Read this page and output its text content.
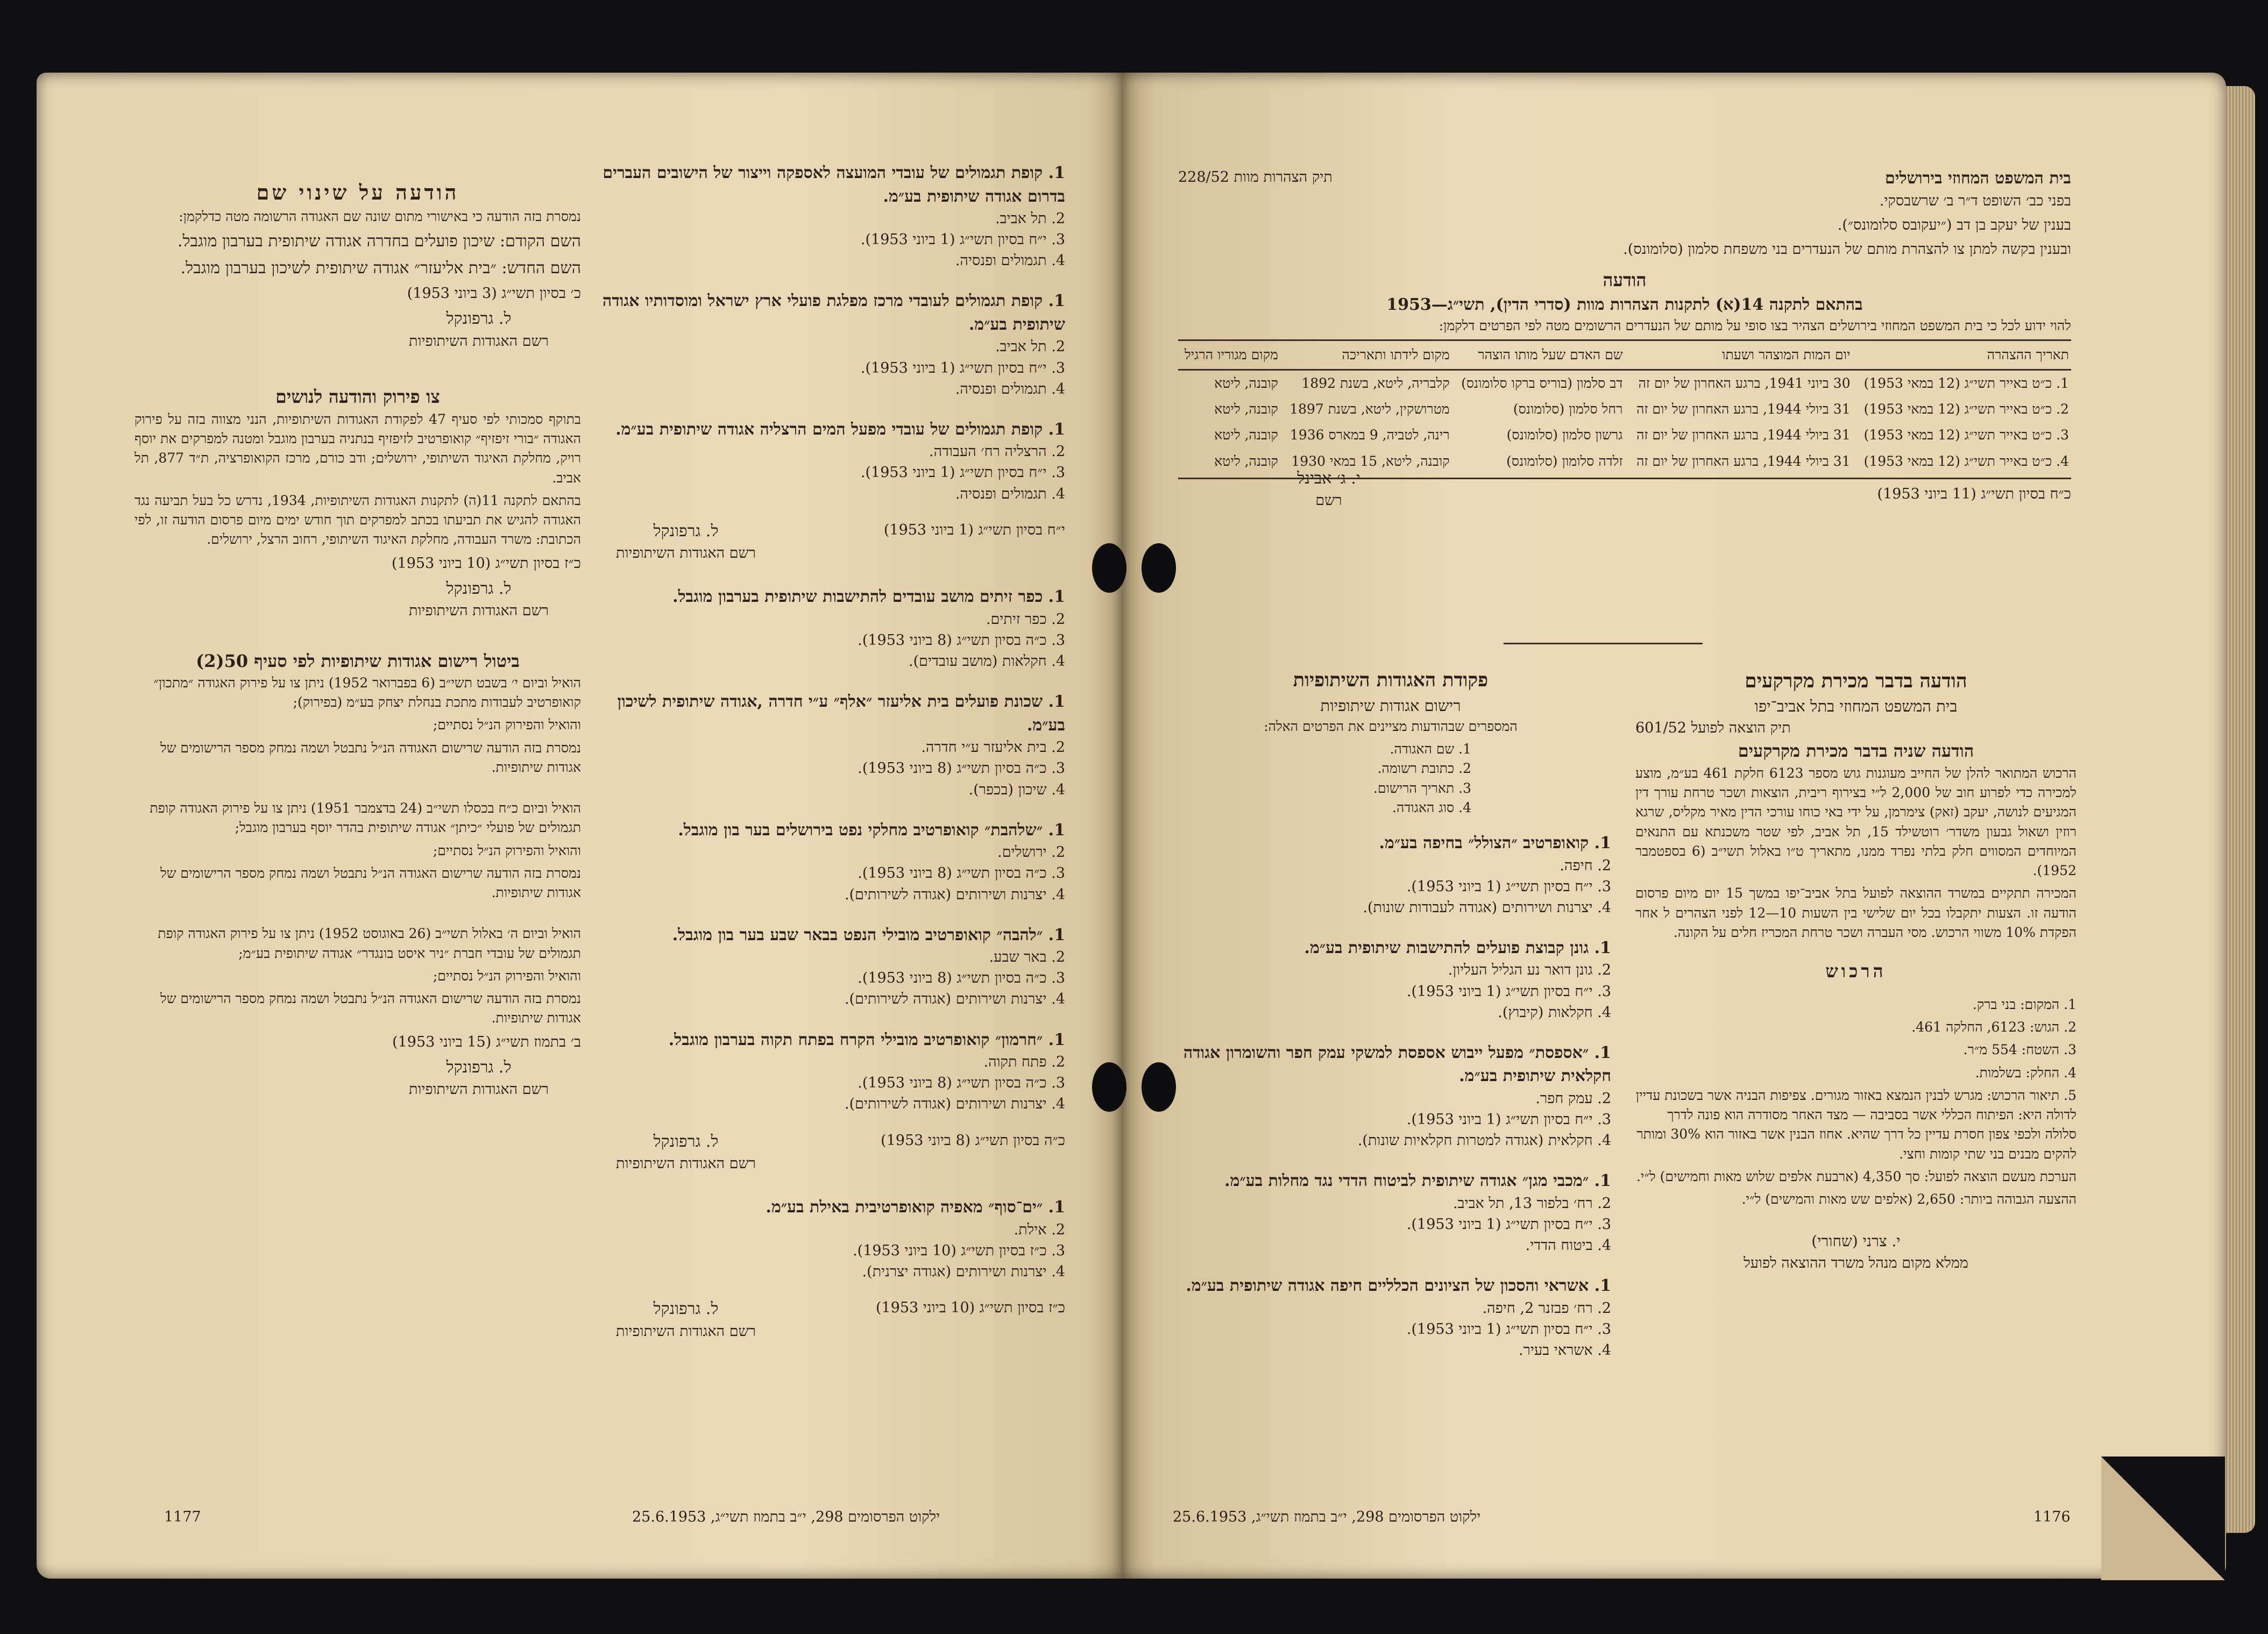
בית המשפט המחוזי בירושלים
תיק הצהרות מוות 228/52

בפני כב׳ השופט ד״ר ב׳ שרשבסקי.

בענין של יעקב בן דב (״יעקובס סלומונס״).

ובענין בקשה למתן צו להצהרת מותם של הנעדרים בני משפחת סלמון (סלומונס).

הודעה
בהתאם לתקנה 14(א) לתקנות הצהרות מוות (סדרי הדין), תשי״ג—1953

להוי ידוע לכל כי בית המשפט המחוזי בירושלים הצהיר בצו סופי על מותם של הנעדרים הרשומים מטה לפי הפרטים דלקמן:

תאריך ההצהרה	יום המות המוצהר ושעתו	שם האדם שעל מותו הוצהר	מקום לידתו ותאריכה	מקום מגוריו הרגיל
1. כ״ט באייר תשי״ג (12 במאי 1953)	30 ביוני 1941, ברגע האחרון של יום זה	דב סלמון (בוריס ברקו סלומונס)	קלבריה, ליטא, בשנת 1892	קובנה, ליטא
2. כ״ט באייר תשי״ג (12 במאי 1953)	31 ביולי 1944, ברגע האחרון של יום זה	רחל סלמון (סלומונס)	מטרושקין, ליטא, בשנת 1897	קובנה, ליטא
3. כ״ט באייר תשי״ג (12 במאי 1953)	31 ביולי 1944, ברגע האחרון של יום זה	גרשון סלמון (סלומונס)	רינה, לטביה, 9 במארס 1936	קובנה, ליטא
4. כ״ט באייר תשי״ג (12 במאי 1953)	31 ביולי 1944, ברגע האחרון של יום זה	זלדה סלומון (סלומונס)	קובנה, ליטא, 15 במאי 1930	קובנה, ליטא
כ״ח בסיון תשי״ג (11 ביוני 1953)
י. ג׳ אבינל
רשם
הודעה בדבר מכירת מקרקעים
בית המשפט המחוזי בתל אביב־יפו
תיק הוצאה לפועל 601/52
הודעה שניה בדבר מכירת מקרקעים

הרכוש המתואר להלן של החייב מעוגנות גוש מספר 6123 חלקת 461 בע״מ, מוצע למכירה כדי לפרוע חוב של 2,000 ל״י בצירוף ריבית, הוצאות ושכר טרחת עורך דין המגיעים לנושה, יעקב (זאק) צימרמן, על ידי באי כוחו עורכי הדין מאיר מקליס, שרגא רוזין ושאול גבעון משדר׳ רוטשילד 15, תל אביב, לפי שטר משכנתא עם התנאים המיוחדים המסווים חלק בלתי נפרד ממנו, מתאריך ט״ו באלול תשי״ב (6 בספטמבר 1952).

המכירה תתקיים במשרד ההוצאה לפועל בתל אביב־יפו במשך 15 יום מיום פרסום הודעה זו. הצעות יתקבלו בכל יום שלישי בין השעות 10—12 לפני הצהרים ל אחר הפקדת 10% משווי הרכוש. מסי העברה ושכר טרחת המכריז חלים על הקונה.

הרכוש

1. המקום: בני ברק.

2. הגוש: 6123, החלקה 461.

3. השטח: 554 מ״ר.

4. החלק: בשלמות.

5. תיאור הרכוש: מגרש לבנין הנמצא באזור מגורים. צפיפות הבניה אשר בשכונת עדיין לדולה היא: הפיתוח הכללי אשר בסביבה — מצד האחר מסודרה הוא פונה לדרך סלולה ולכפי צפון חסרת עדיין כל דרך שהיא. אחוז הבנין אשר באזור הוא 30% ומותר להקים מבנים בני שתי קומות וחצי.

הערכת מעשם הוצאה לפועל: סך 4,350 (ארבעת אלפים שלוש מאות וחמישים) ל״י.

ההצעה הגבוהה ביותר: 2,650 (אלפים שש מאות והמישים) ל״י.

י. צרני (שחורי)
ממלא מקום מנהל משרד ההוצאה לפועל
פקודת האגודות השיתופיות
רישום אגודות שיתופיות

המספרים שבהודעות מציינים את הפרטים האלה:

1. שם האגודה.
2. כתובת רשומה.
3. תאריך הרישום.
4. סוג האגודה.
1. קואופרטיב ״הצולל״ בחיפה בע״מ.
2. חיפה.
3. י״ח בסיון תשי״ג (1 ביוני 1953).
4. יצרנות ושירותים (אגודה לעבודות שונות).
1. גונן קבוצת פועלים להתישבות שיתופית בע״מ.
2. גונן דואר נע הגליל העליון.
3. י״ח בסיון תשי״ג (1 ביוני 1953).
4. חקלאות (קיבוץ).
1. ״אספסת״ מפעל ייבוש אספסת למשקי עמק חפר והשומרון אגודה חקלאית שיתופית בע״מ.
2. עמק חפר.
3. י״ח בסיון תשי״ג (1 ביוני 1953).
4. חקלאית (אגודה למטרות חקלאיות שונות).
1. ״מכבי מגן״ אגודה שיתופית לביטוח הדדי נגד מחלות בע״מ.
2. רח׳ בלפור 13, תל אביב.
3. י״ח בסיון תשי״ג (1 ביוני 1953).
4. ביטוח הדדי.
1. אשראי והסכון של הציונים הכלליים חיפה אגודה שיתופית בע״מ.
2. רח׳ פבזנר 2, חיפה.
3. י״ח בסיון תשי״ג (1 ביוני 1953).
4. אשראי בעיר.
ילקוט הפרסומים 298, י״ב בתמוז תשי״ג, 25.6.1953	1176
1. קופת תגמולים של עובדי המועצה לאספקה וייצור של הישובים העברים בדרום אגודה שיתופית בע״מ.
2. תל אביב.
3. י״ח בסיון תשי״ג (1 ביוני 1953).
4. תגמולים ופנסיה.
1. קופת תגמולים לעובדי מרכז מפלגת פועלי ארץ ישראל ומוסדותיו אגודה שיתופית בע״מ.
2. תל אביב.
3. י״ח בסיון תשי״ג (1 ביוני 1953).
4. תגמולים ופנסיה.
1. קופת תגמולים של עובדי מפעל המים הרצליה אגודה שיתופית בע״מ.
2. הרצליה רח׳ העבודה.
3. י״ח בסיון תשי״ג (1 ביוני 1953).
4. תגמולים ופנסיה.
י״ח בסיון תשי״ג (1 ביוני 1953)
ל. גרפונקל
רשם האגודות השיתופיות
1. כפר זיתים מושב עובדים להתישבות שיתופית בערבון מוגבל.
2. כפר זיתים.
3. כ״ה בסיון תשי״ג (8 ביוני 1953).
4. חקלאות (מושב עובדים).
1. שכונת פועלים בית אליעזר ״אלף״ ע״י חדרה ,אגודה שיתופית לשיכון בע״מ.
2. בית אליעזר ע״י חדרה.
3. כ״ה בסיון תשי״ג (8 ביוני 1953).
4. שיכון (בכפר).
1. ״שלהבת״ קואופרטיב מחלקי נפט בירושלים בער בון מוגבל.
2. ירושלים.
3. כ״ה בסיון תשי״ג (8 ביוני 1953).
4. יצרנות ושירותים (אגודה לשירותים).
1. ״להבה״ קואופרטיב מובילי הנפט בבאר שבע בער בון מוגבל.
2. באר שבע.
3. כ״ה בסיון תשי״ג (8 ביוני 1953).
4. יצרנות ושירותים (אגודה לשירותים).
1. ״חרמון״ קואופרטיב מובילי הקרח בפתח תקוה בערבון מוגבל.
2. פתח תקוה.
3. כ״ה בסיון תשי״ג (8 ביוני 1953).
4. יצרנות ושירותים (אגודה לשירותים).
כ״ה בסיון תשי״ג (8 ביוני 1953)
ל. גרפונקל
רשם האגודות השיתופיות
1. ״ים־סוף״ מאפיה קואופרטיבית באילת בע״מ.
2. אילת.
3. כ״ז בסיון תשי״ג (10 ביוני 1953).
4. יצרנות ושירותים (אגודה יצרנית).
כ״ז בסיון תשי״ג (10 ביוני 1953)
ל. גרפונקל
רשם האגודות השיתופיות
הודעה על שינוי שם

נמסרת בזה הודעה כי באישורי מתום שונה שם האגודה הרשומה מטה כדלקמן:

השם הקודם: שיכון פועלים בחדרה אגודה שיתופית בערבון מוגבל.

השם החדש: ״בית אליעזר״ אגודה שיתופית לשיכון בערבון מוגבל.

כ׳ בסיון תשי״ג (3 ביוני 1953)

ל. גרפונקל
רשם האגודות השיתופיות
צו פירוק והודעה לנושים

בתוקף סמכותי לפי סעיף 47 לפקודת האגודות השיתופיות, הנני מצווה בזה על פירוק האגודה ״בורי זיפזיף״ קואופרטיב לזיפזיף בנתניה בערבון מוגבל ומטנה למפרקים את יוסף רויק, מחלקת האיגוד השיתופי, ירושלים; ודב כורם, מרכז הקואופרציה, ת״ד 877, תל אביב.

בהתאם לתקנה 11(ה) לתקנות האגודות השיתופיות, 1934, נדרש כל בעל תביעה נגד האגודה להגיש את תביעתו בכתב למפרקים תוך חודש ימים מיום פרסום הודעה זו, לפי הכתובת: משרד העבודה, מחלקת האיגוד השיתופי, רחוב הרצל, ירושלים.

כ״ז בסיון תשי״ג (10 ביוני 1953)

ל. גרפונקל
רשם האגודות השיתופיות
ביטול רישום אגודות שיתופיות לפי סעיף 50(2)

הואיל וביום י׳ בשבט תשי״ב (6 בפברואר 1952) ניתן צו על פירוק האגודה ״מתכון״ קואופרטיב לעבודות מתכת בנחלת יצחק בע״מ (בפירוק);

והואיל והפירוק הנ״ל נסתיים;

נמסרת בזה הודעה שרישום האגודה הנ״ל נתבטל ושמה נמחק מספר הרישומים של אגודות שיתופיות.

הואיל וביום כ״ח בכסלו תשי״ב (24 בדצמבר 1951) ניתן צו על פירוק האגודה קופת תגמולים של פועלי ״כיתן״ אגודה שיתופית בהדר יוסף בערבון מוגבל;

והואיל והפירוק הנ״ל נסתיים;

נמסרת בזה הודעה שרישום האגודה הנ״ל נתבטל ושמה נמחק מספר הרישומים של אגודות שיתופיות.

הואיל וביום ה׳ באלול תשי״ב (26 באוגוסט 1952) ניתן צו על פירוק האגודה קופת תגמולים של עובדי חברת ״ניר איסט בונגדר״ אגודה שיתופית בע״מ;

והואיל והפירוק הנ״ל נסתיים;

נמסרת בזה הודעה שרישום האגודה הנ״ל נתבטל ושמה נמחק מספר הרישומים של אגודות שיתופיות.

ב׳ בתמוז תשי״ג (15 ביוני 1953)

ל. גרפונקל
רשם האגודות השיתופיות
ילקוט הפרסומים 298, י״ב בתמוז תשי״ג, 25.6.1953
1177
